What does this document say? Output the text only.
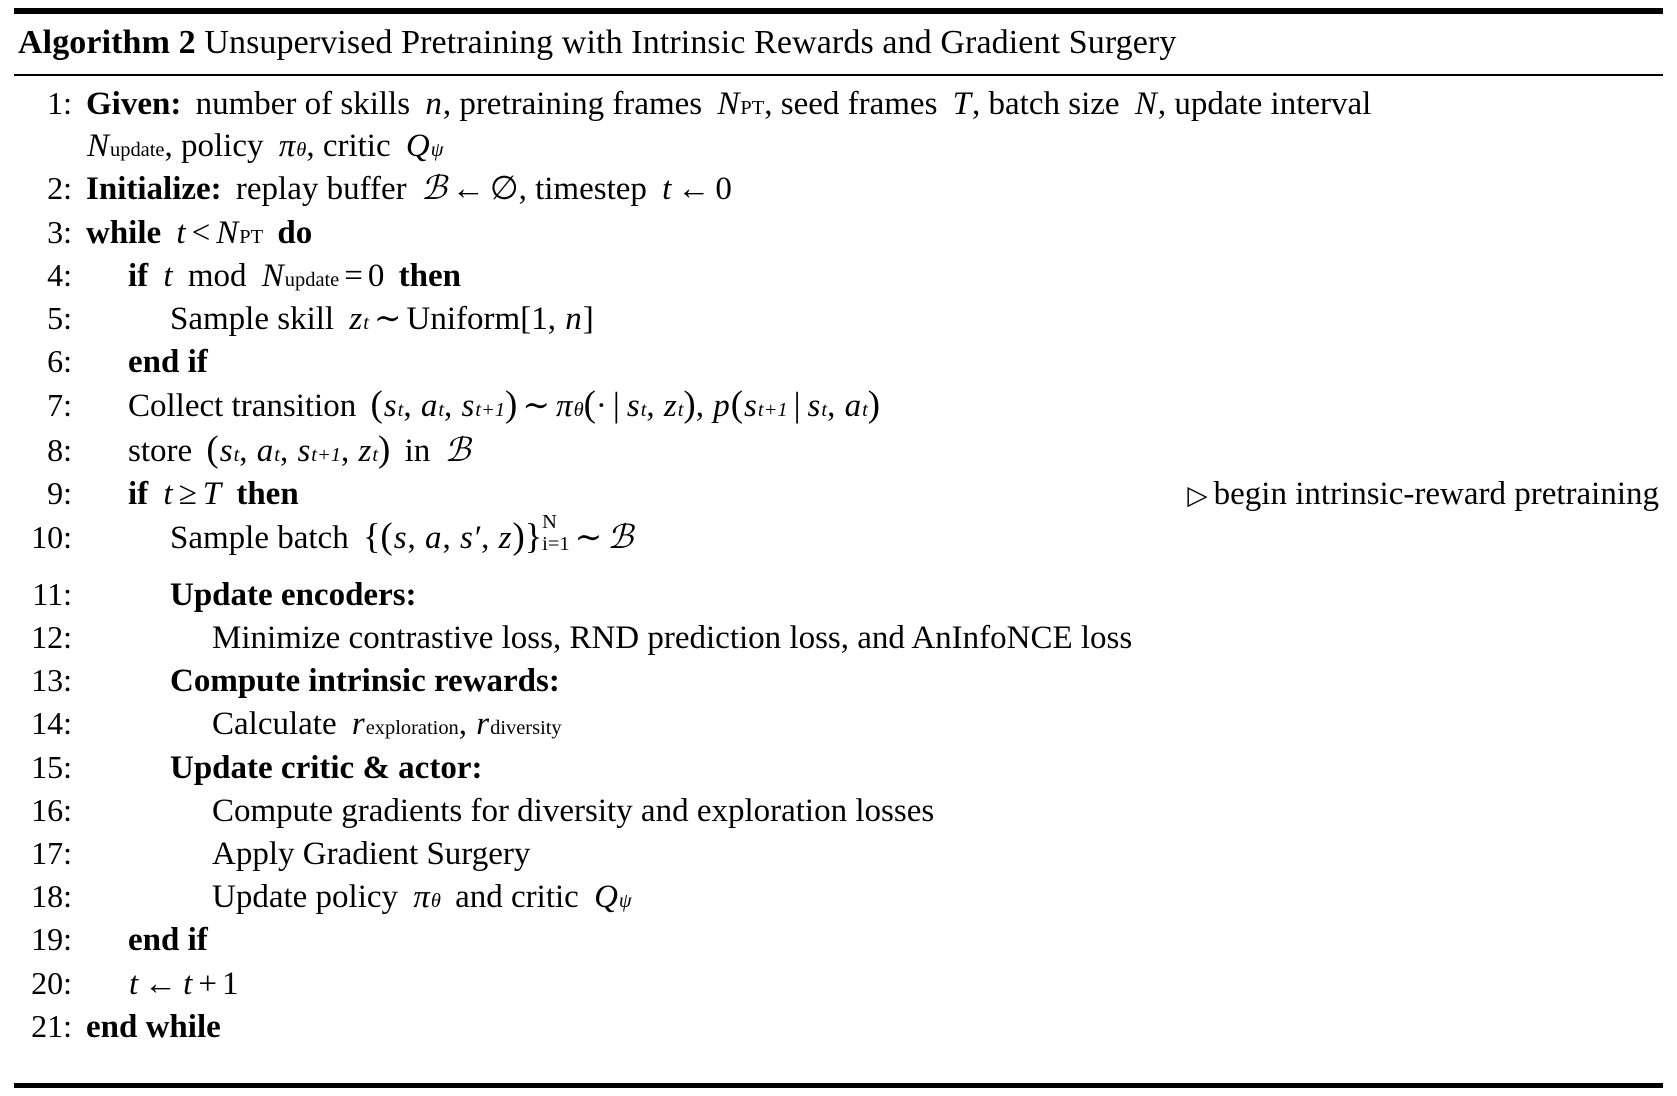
Algorithm 2 Unsupervised Pretraining with Intrinsic Rewards and Gradient Surgery
1: Given:
number of skills
n , pretraining frames
N PT , seed frames
T , batch size
N , update interval
N update , policy
π θ , critic
Q ψ
2: Initialize:
replay buffer
ℬ ← ∅ , timestep
t ← 0
3: while
t < N PT
do
4:	if
t
mod
N update = 0
then
5:	Sample skill
z t ∼ Uniform [ 1 , n ]
6:	end if
7:	Collect transition
( s t , a t , s t+1 ) ∼ π θ ( · | s t , z t ) , p ( s t+1 | s t , a t )
8:	store
( s t , a t , s t+1 , z t )
in
ℬ
9:	if
t ≥ T
then	▷ begin intrinsic-reward pretraining
10:	Sample batch
{ ( s , a , s′ , z ) } N
i=1 ∼ ℬ
11:	Update encoders:
12:	Minimize contrastive loss, RND prediction loss, and AnInfoNCE loss
13:	Compute intrinsic rewards:
14:	Calculate
r exploration , r diversity
15:	Update critic & actor:
16:	Compute gradients for diversity and exploration losses
17:	Apply Gradient Surgery
18:	Update policy
π θ
and critic
Q ψ
19:	end if
20:	t ← t + 1
21: end while
